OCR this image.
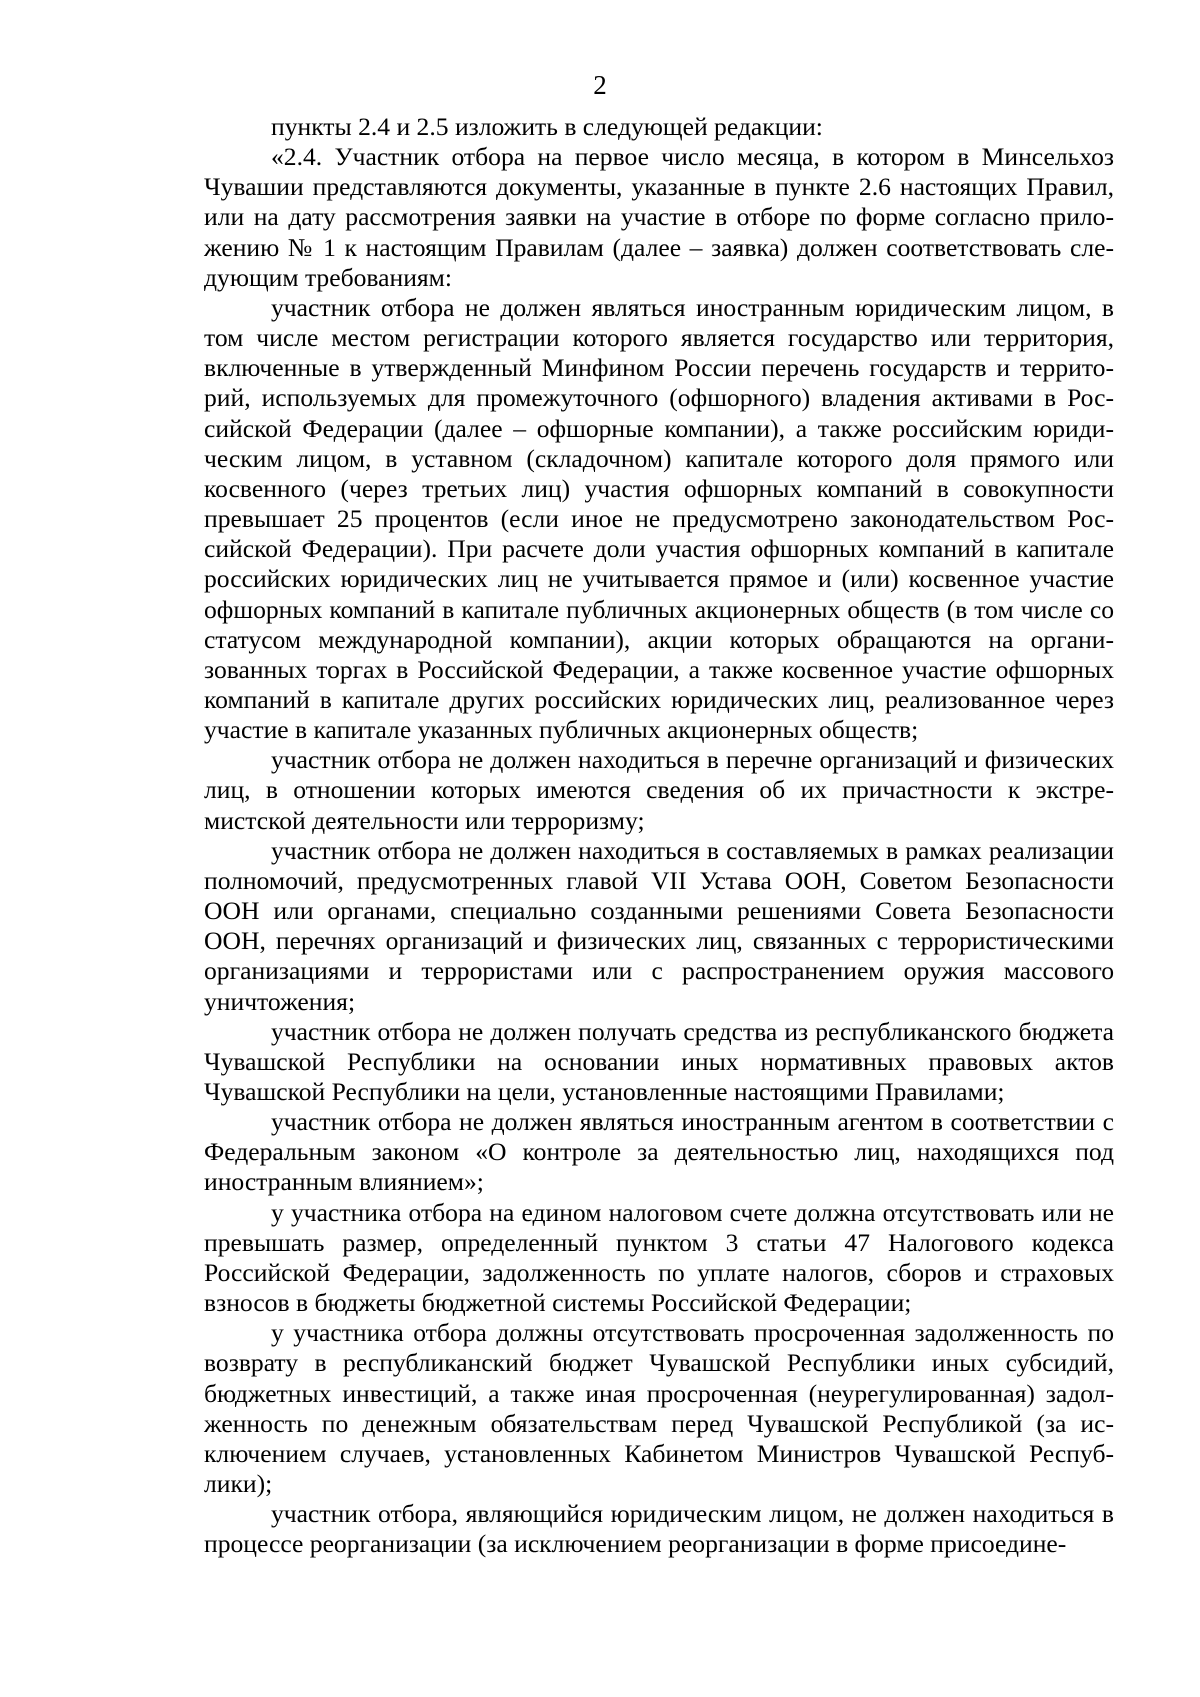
2

пункты 2.4 и 2.5 изложить в следующей редакции:

«2.4. Участник отбора на первое число месяца, в котором в Минсельхоз Чувашии представляются документы, указанные в пункте 2.6 настоящих Правил, или на дату рассмотрения заявки на участие в отборе по форме согласно приложению № 1 к настоящим Правилам (далее – заявка) должен соответствовать следующим требованиям:

участник отбора не должен являться иностранным юридическим лицом, в том числе местом регистрации которого является государство или территория, включенные в утвержденный Минфином России перечень государств и территорий, используемых для промежуточного (офшорного) владения активами в Российской Федерации (далее – офшорные компании), а также российским юридическим лицом, в уставном (складочном) капитале которого доля прямого или косвенного (через третьих лиц) участия офшорных компаний в совокупности превышает 25 процентов (если иное не предусмотрено законодательством Российской Федерации). При расчете доли участия офшорных компаний в капитале российских юридических лиц не учитывается прямое и (или) косвенное участие офшорных компаний в капитале публичных акционерных обществ (в том числе со статусом международной компании), акции которых обращаются на организованных торгах в Российской Федерации, а также косвенное участие офшорных компаний в капитале других российских юридических лиц, реализованное через участие в капитале указанных публичных акционерных обществ;

участник отбора не должен находиться в перечне организаций и физических лиц, в отношении которых имеются сведения об их причастности к экстремистской деятельности или терроризму;

участник отбора не должен находиться в составляемых в рамках реализации полномочий, предусмотренных главой VII Устава ООН, Советом Безопасности ООН или органами, специально созданными решениями Совета Безопасности ООН, перечнях организаций и физических лиц, связанных с террористическими организациями и террористами или с распространением оружия массового уничтожения;

участник отбора не должен получать средства из республиканского бюджета Чувашской Республики на основании иных нормативных правовых актов Чувашской Республики на цели, установленные настоящими Правилами;

участник отбора не должен являться иностранным агентом в соответствии с Федеральным законом «О контроле за деятельностью лиц, находящихся под иностранным влиянием»;

у участника отбора на едином налоговом счете должна отсутствовать или не превышать размер, определенный пунктом 3 статьи 47 Налогового кодекса Российской Федерации, задолженность по уплате налогов, сборов и страховых взносов в бюджеты бюджетной системы Российской Федерации;

у участника отбора должны отсутствовать просроченная задолженность по возврату в республиканский бюджет Чувашской Республики иных субсидий, бюджетных инвестиций, а также иная просроченная (неурегулированная) задолженность по денежным обязательствам перед Чувашской Республикой (за исключением случаев, установленных Кабинетом Министров Чувашской Республики);

участник отбора, являющийся юридическим лицом, не должен находиться в процессе реорганизации (за исключением реорганизации в форме присоедине-
